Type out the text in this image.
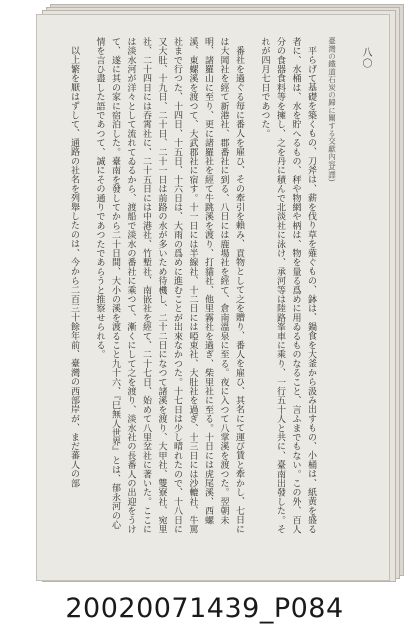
八〇

臺灣の鐵道石炭の歸に關する交獻內容(譯)

平らげて基礎を築くもの、刀斧は、薪を伐り草を薙ぐもの、鉢は、鍋食を大釜から汲み出すもの、小桶は、紙黄を盛る者に、水桶は、水を貯へるもの、秤や物網や柄は、物を量る爲めに用ゐるものなること、言ふまでもない。この外、百人分の食器食料等を擁し、之を丹に積んで北淡社に泳け、承河等は陸路峯車に乘り、一行五十人と共に、臺南出發した。それが四月七日であつた。

番社を過ぐる毎に番人を雇ひ、その牽引を賴み、貢物として之を贈り、番人を雇ひ、其名にて運び賃と牽かし、七日には大岡社を經て新港社、郡番社に到る、八日には鹿場社を經て、倉南溫泉に至る。夜に入つて八掌溪を渡つた。翌朝未明、諸羅山に至り、更に諸羅社を經て牛跳溪を渡り、打貓社、他里霧社を過ぎ、柴里社に至る。十日には虎尾溪、西螺溪、東螺溪を渡つて、大武郡社に宿す。十一日には半線社、十二日には啞束社、大肚社を過ぎ、十三日には沙轆社、牛罵社まで行つた、十四日、十五日、十六日は、大雨の爲めに進むことが出來なかつた。十七日は少し晴れたので、十八日に又大肚、十九日、二十日、二十一日は前路の水が多いため待機し、二十二日になつて諸溪を渡り、大甲社、雙寮社、宛里社、二十四日には吞霄社に、二十五日には中港社、竹塹社、南嵌社を經て、二十七日、始めて八里坌社に著いた。ここには淡水河が洋々として流れてゐるから、渡船で淡水の番社に乘つて、漸くにして之を渡り、淡水社の長番人の出迎をうけて、遂に其の家に宿泊した。臺南を發してから二十日間、大小の溪を渡ること九十六、『巳無人世界』とは、郁永河の心情を言ひ盡した語であつて、誠にその通りであつたであらうと推察せられる。

以上繁を厭はずして、通路の社名を列舉したのは、今から二百三十餘年前、臺灣の西部岸が、まだ蕃人の部

20020071439_P084
